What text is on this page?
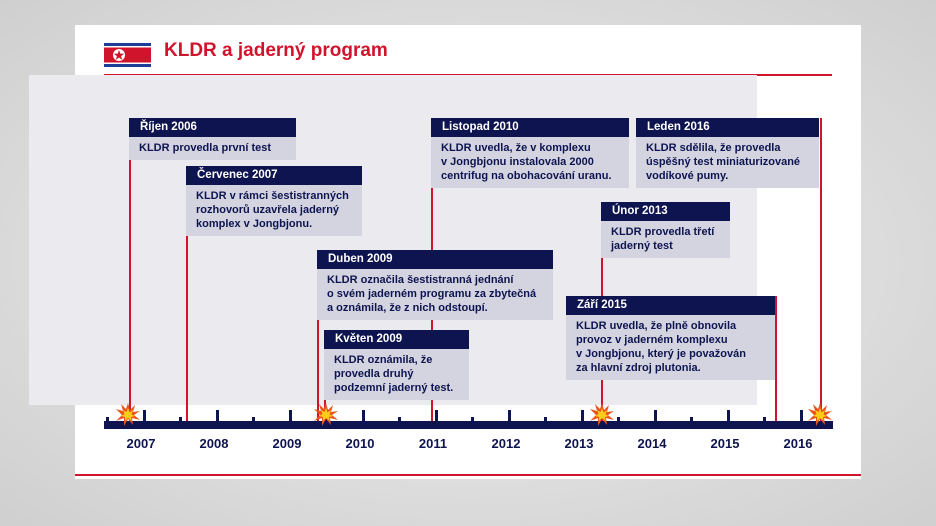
KLDR a jaderný program
Říjen 2006
KLDR provedla první test
Červenec 2007
KLDR v rámci šestistranných
rozhovorů uzavřela jaderný
komplex v Jongbjonu.
Duben 2009
KLDR označila šestistranná jednání
o svém jaderném programu za zbytečná
a oznámila, že z nich odstoupí.
Květen 2009
KLDR oznámila, že
provedla druhý
podzemní jaderný test.
Listopad 2010
KLDR uvedla, že v komplexu
v Jongbjonu instalovala 2000
centrifug na obohacování uranu.
Leden 2016
KLDR sdělila, že provedla
úspěšný test miniaturizované
vodíkové pumy.
Únor 2013
KLDR provedla třetí
jaderný test
Září 2015
KLDR uvedla, že plně obnovila
provoz v jaderném komplexu
v Jongbjonu, který je považován
za hlavní zdroj plutonia.
2007	2008	2009	2010	2011	2012	2013	2014	2015	2016
